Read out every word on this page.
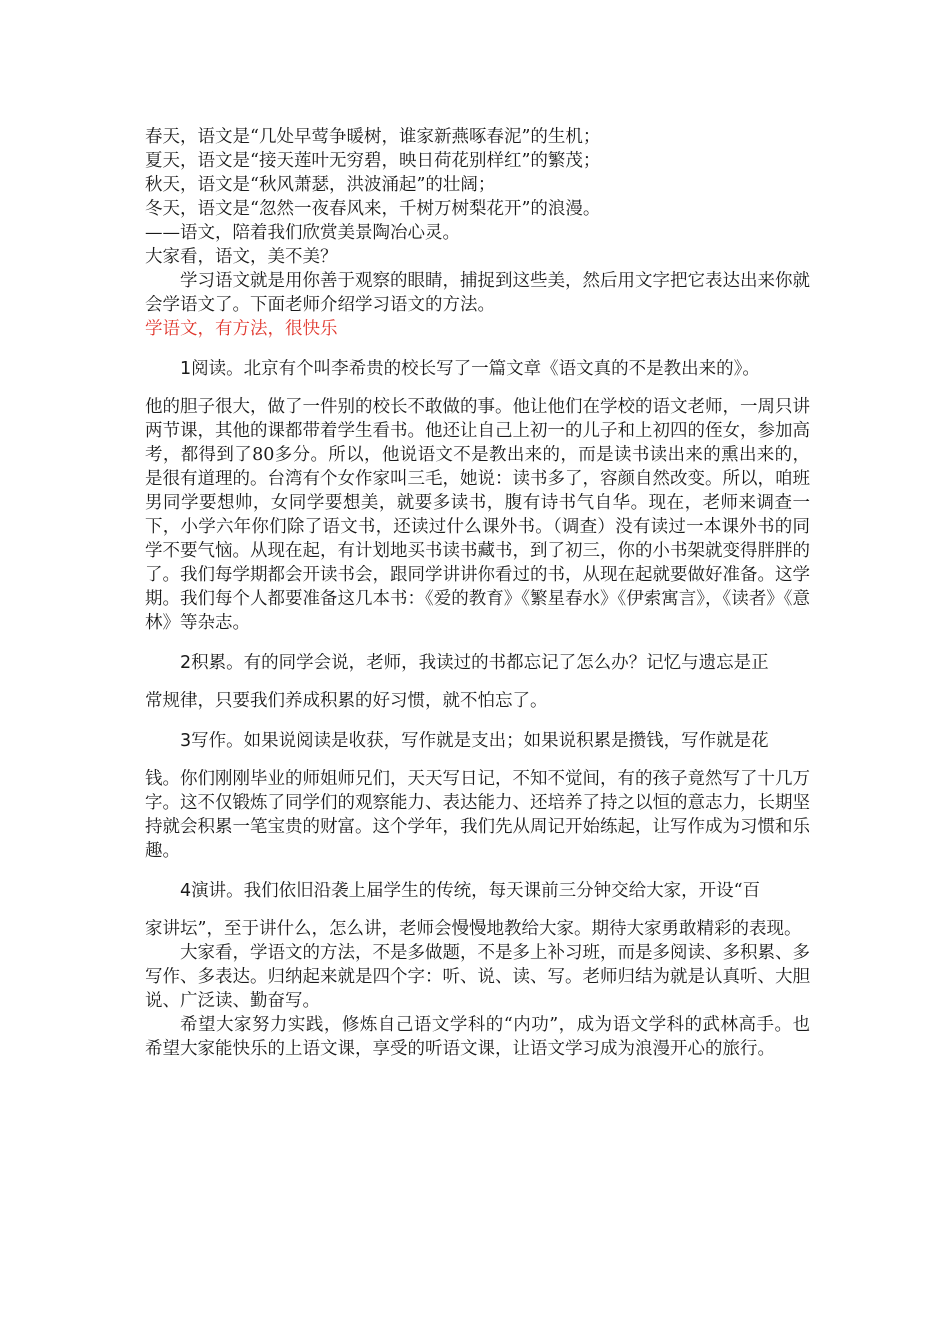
春天，语文是“几处早莺争暖树，谁家新燕啄春泥”的生机；
夏天，语文是“接天莲叶无穷碧，映日荷花别样红”的繁茂；
秋天，语文是“秋风萧瑟，洪波涌起”的壮阔；
冬天，语文是“忽然一夜春风来，千树万树梨花开”的浪漫。
——语文，陪着我们欣赏美景陶冶心灵。
大家看，语文，美不美？
学习语文就是用你善于观察的眼睛，捕捉到这些美，然后用文字把它表达出来你就会学语文了。下面老师介绍学习语文的方法。
学语文，有方法，很快乐
1阅读。北京有个叫李希贵的校长写了一篇文章《语文真的不是教出来的》。
他的胆子很大，做了一件别的校长不敢做的事。他让他们在学校的语文老师，一周只讲两节课，其他的课都带着学生看书。他还让自己上初一的儿子和上初四的侄女，参加高考，都得到了80多分。所以，他说语文不是教出来的，而是读书读出来的熏出来的，是很有道理的。台湾有个女作家叫三毛，她说：读书多了，容颜自然改变。所以，咱班男同学要想帅，女同学要想美，就要多读书，腹有诗书气自华。现在，老师来调查一下，小学六年你们除了语文书，还读过什么课外书。（调查）没有读过一本课外书的同学不要气恼。从现在起，有计划地买书读书藏书，到了初三，你的小书架就变得胖胖的了。我们每学期都会开读书会，跟同学讲讲你看过的书，从现在起就要做好准备。这学期。我们每个人都要准备这几本书：《爱的教育》《繁星春水》《伊索寓言》，《读者》《意林》等杂志。
2积累。有的同学会说，老师，我读过的书都忘记了怎么办？记忆与遗忘是正
常规律，只要我们养成积累的好习惯，就不怕忘了。
3写作。如果说阅读是收获，写作就是支出；如果说积累是攒钱，写作就是花
钱。你们刚刚毕业的师姐师兄们，天天写日记，不知不觉间，有的孩子竟然写了十几万字。这不仅锻炼了同学们的观察能力、表达能力、还培养了持之以恒的意志力，长期坚持就会积累一笔宝贵的财富。这个学年，我们先从周记开始练起，让写作成为习惯和乐趣。
4演讲。我们依旧沿袭上届学生的传统，每天课前三分钟交给大家，开设“百
家讲坛”，至于讲什么，怎么讲，老师会慢慢地教给大家。期待大家勇敢精彩的表现。
大家看，学语文的方法，不是多做题，不是多上补习班，而是多阅读、多积累、多写作、多表达。归纳起来就是四个字：听、说、读、写。老师归结为就是认真听、大胆说、广泛读、勤奋写。
希望大家努力实践，修炼自己语文学科的“内功”，成为语文学科的武林高手。也希望大家能快乐的上语文课，享受的听语文课，让语文学习成为浪漫开心的旅行。
